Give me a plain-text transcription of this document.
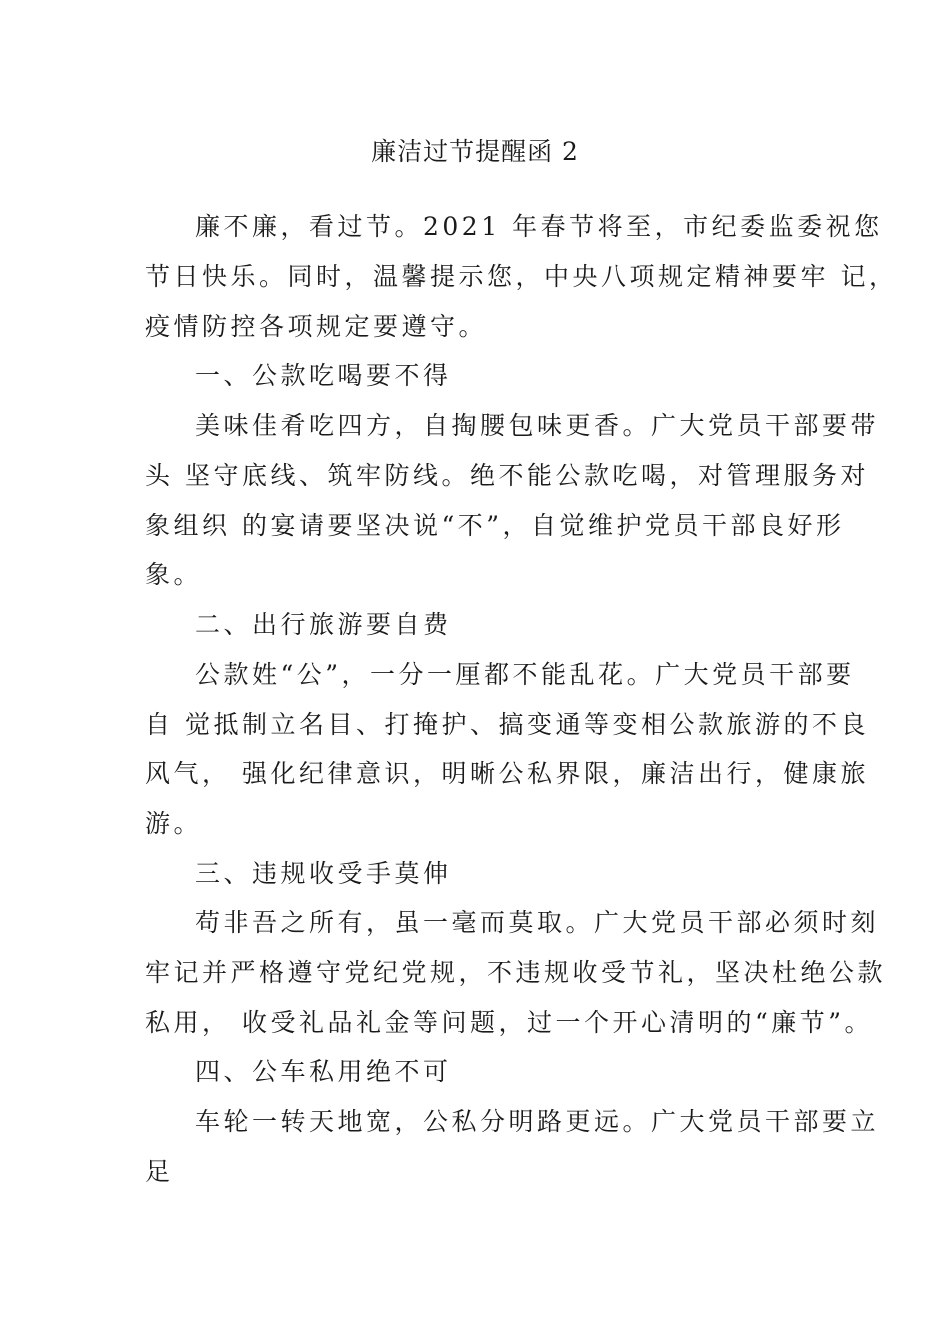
廉洁过节提醒函 2
廉不廉，看过节。2021 年春节将至，市纪委监委祝您
节日快乐。同时，温馨提示您，中央八项规定精神要牢 记，
疫情防控各项规定要遵守。
一、公款吃喝要不得
美味佳肴吃四方，自掏腰包味更香。广大党员干部要带
头 坚守底线、筑牢防线。绝不能公款吃喝，对管理服务对
象组织 的宴请要坚决说“不”，自觉维护党员干部良好形
象。
二、出行旅游要自费
公款姓“公”，一分一厘都不能乱花。广大党员干部要
自 觉抵制立名目、打掩护、搞变通等变相公款旅游的不良
风气， 强化纪律意识，明晰公私界限，廉洁出行，健康旅
游。
三、违规收受手莫伸
苟非吾之所有，虽一毫而莫取。广大党员干部必须时刻
牢记并严格遵守党纪党规，不违规收受节礼，坚决杜绝公款
私用， 收受礼品礼金等问题，过一个开心清明的“廉节”。
四、公车私用绝不可
车轮一转天地宽，公私分明路更远。广大党员干部要立
足
